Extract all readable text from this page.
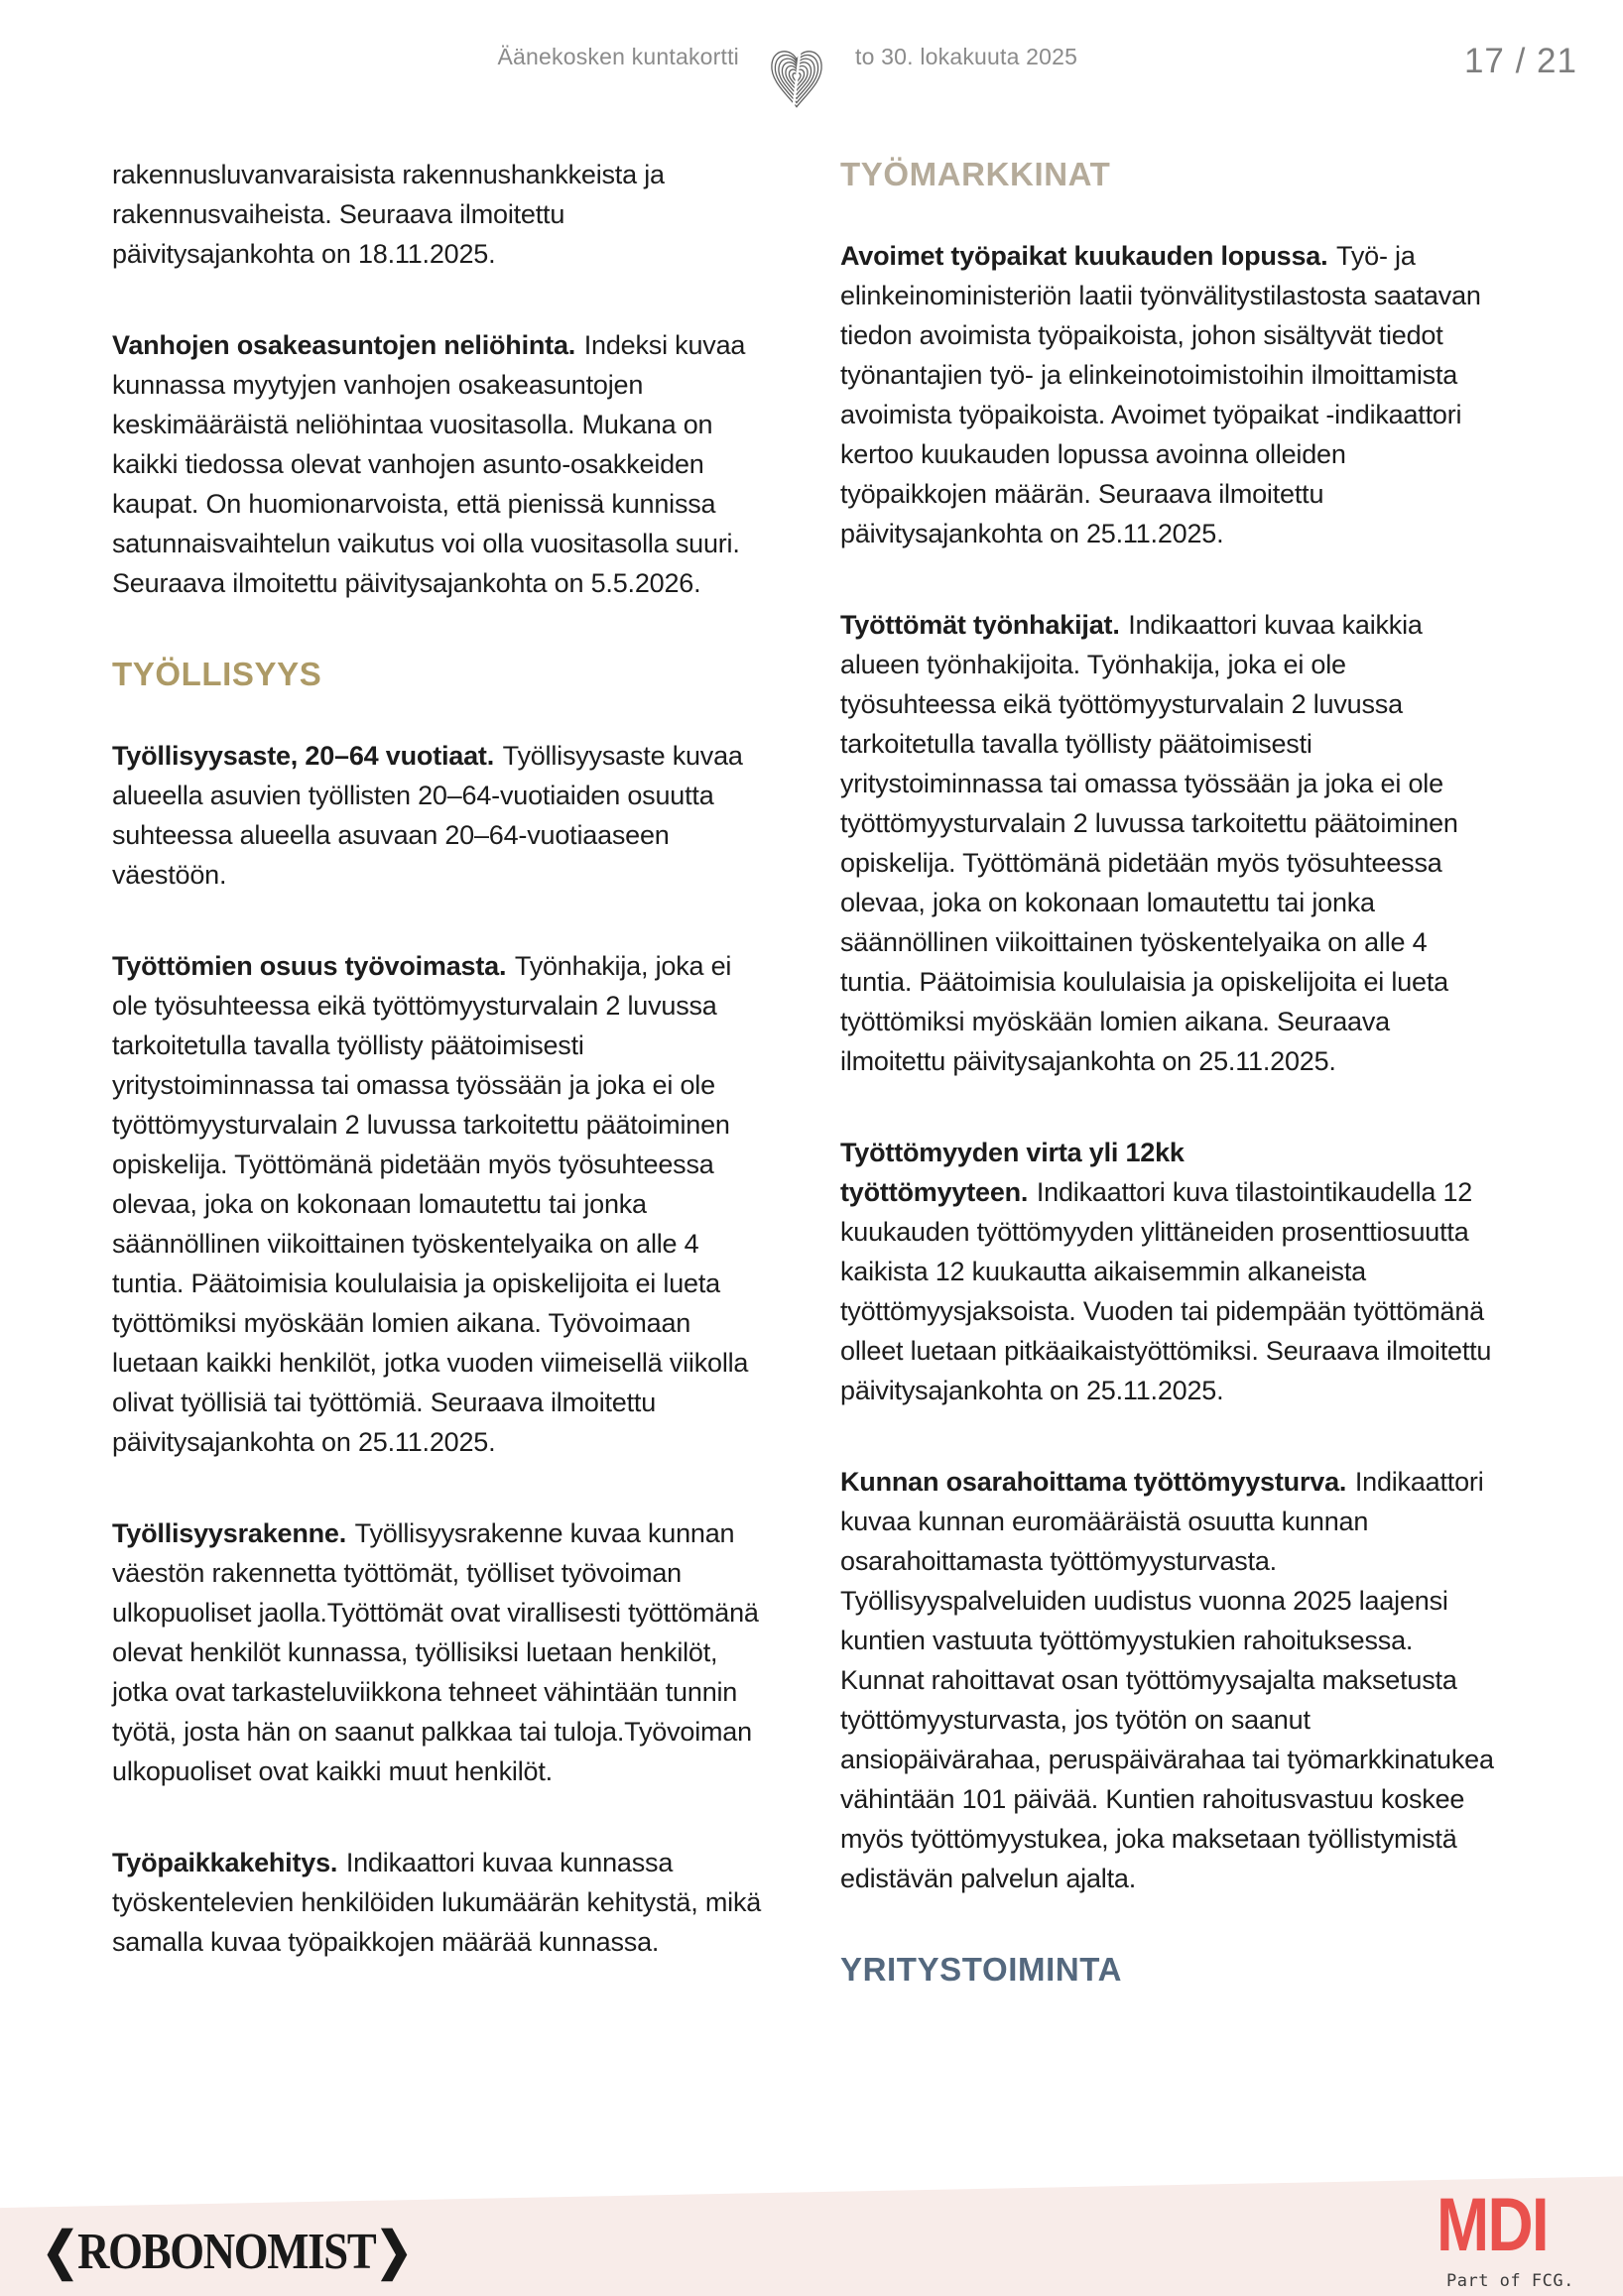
Äänekosken kuntakortti	to 30. lokakuuta 2025	17 / 21

rakennusluvanvaraisista rakennushankkeista ja rakennusvaiheista. Seuraava ilmoitettu päivitysajankohta on 18.11.2025.

Vanhojen osakeasuntojen neliöhinta. Indeksi kuvaa kunnassa myytyjen vanhojen osakeasuntojen keskimääräistä neliöhintaa vuositasolla. Mukana on kaikki tiedossa olevat vanhojen asunto-osakkeiden kaupat. On huomionarvoista, että pienissä kunnissa satunnaisvaihtelun vaikutus voi olla vuositasolla suuri. Seuraava ilmoitettu päivitysajankohta on 5.5.2026.

TYÖLLISYYS

Työllisyysaste, 20–64 vuotiaat. Työllisyysaste kuvaa alueella asuvien työllisten 20–64-vuotiaiden osuutta suhteessa alueella asuvaan 20–64-vuotiaaseen väestöön.

Työttömien osuus työvoimasta. Työnhakija, joka ei ole työsuhteessa eikä työttömyysturvalain 2 luvussa tarkoitetulla tavalla työllisty päätoimisesti yritystoiminnassa tai omassa työssään ja joka ei ole työttömyysturvalain 2 luvussa tarkoitettu päätoiminen opiskelija. Työttömänä pidetään myös työsuhteessa olevaa, joka on kokonaan lomautettu tai jonka säännöllinen viikoittainen työskentelyaika on alle 4 tuntia. Päätoimisia koululaisia ja opiskelijoita ei lueta työttömiksi myöskään lomien aikana. Työvoimaan luetaan kaikki henkilöt, jotka vuoden viimeisellä viikolla olivat työllisiä tai työttömiä. Seuraava ilmoitettu päivitysajankohta on 25.11.2025.

Työllisyysrakenne. Työllisyysrakenne kuvaa kunnan väestön rakennetta työttömät, työlliset työvoiman ulkopuoliset jaolla.Työttömät ovat virallisesti työttömänä olevat henkilöt kunnassa, työllisiksi luetaan henkilöt, jotka ovat tarkasteluviikkona tehneet vähintään tunnin työtä, josta hän on saanut palkkaa tai tuloja.Työvoiman ulkopuoliset ovat kaikki muut henkilöt.

Työpaikkakehitys. Indikaattori kuvaa kunnassa työskentelevien henkilöiden lukumäärän kehitystä, mikä samalla kuvaa työpaikkojen määrää kunnassa.

TYÖMARKKINAT

Avoimet työpaikat kuukauden lopussa. Työ- ja elinkeinoministeriön laatii työnvälitystilastosta saatavan tiedon avoimista työpaikoista, johon sisältyvät tiedot työnantajien työ- ja elinkeinotoimistoihin ilmoittamista avoimista työpaikoista. Avoimet työpaikat -indikaattori kertoo kuukauden lopussa avoinna olleiden työpaikkojen määrän. Seuraava ilmoitettu päivitysajankohta on 25.11.2025.

Työttömät työnhakijat. Indikaattori kuvaa kaikkia alueen työnhakijoita. Työnhakija, joka ei ole työsuhteessa eikä työttömyysturvalain 2 luvussa tarkoitetulla tavalla työllisty päätoimisesti yritystoiminnassa tai omassa työssään ja joka ei ole työttömyysturvalain 2 luvussa tarkoitettu päätoiminen opiskelija. Työttömänä pidetään myös työsuhteessa olevaa, joka on kokonaan lomautettu tai jonka säännöllinen viikoittainen työskentelyaika on alle 4 tuntia. Päätoimisia koululaisia ja opiskelijoita ei lueta työttömiksi myöskään lomien aikana. Seuraava ilmoitettu päivitysajankohta on 25.11.2025.

Työttömyyden virta yli 12kk työttömyyteen. Indikaattori kuva tilastointikaudella 12 kuukauden työttömyyden ylittäneiden prosenttiosuutta kaikista 12 kuukautta aikaisemmin alkaneista työttömyysjaksoista. Vuoden tai pidempään työttömänä olleet luetaan pitkäaikaistyöttömiksi. Seuraava ilmoitettu päivitysajankohta on 25.11.2025.

Kunnan osarahoittama työttömyysturva. Indikaattori kuvaa kunnan euromääräistä osuutta kunnan osarahoittamasta työttömyysturvasta. Työllisyyspalveluiden uudistus vuonna 2025 laajensi kuntien vastuuta työttömyystukien rahoituksessa. Kunnat rahoittavat osan työttömyysajalta maksetusta työttömyysturvasta, jos työtön on saanut ansiopäivärahaa, peruspäivärahaa tai työmarkkinatukea vähintään 101 päivää. Kuntien rahoitusvastuu koskee myös työttömyystukea, joka maksetaan työllistymistä edistävän palvelun ajalta.

YRITYSTOIMINTA
❮ROBONOMIST❯	MDI
Part of FCG.
